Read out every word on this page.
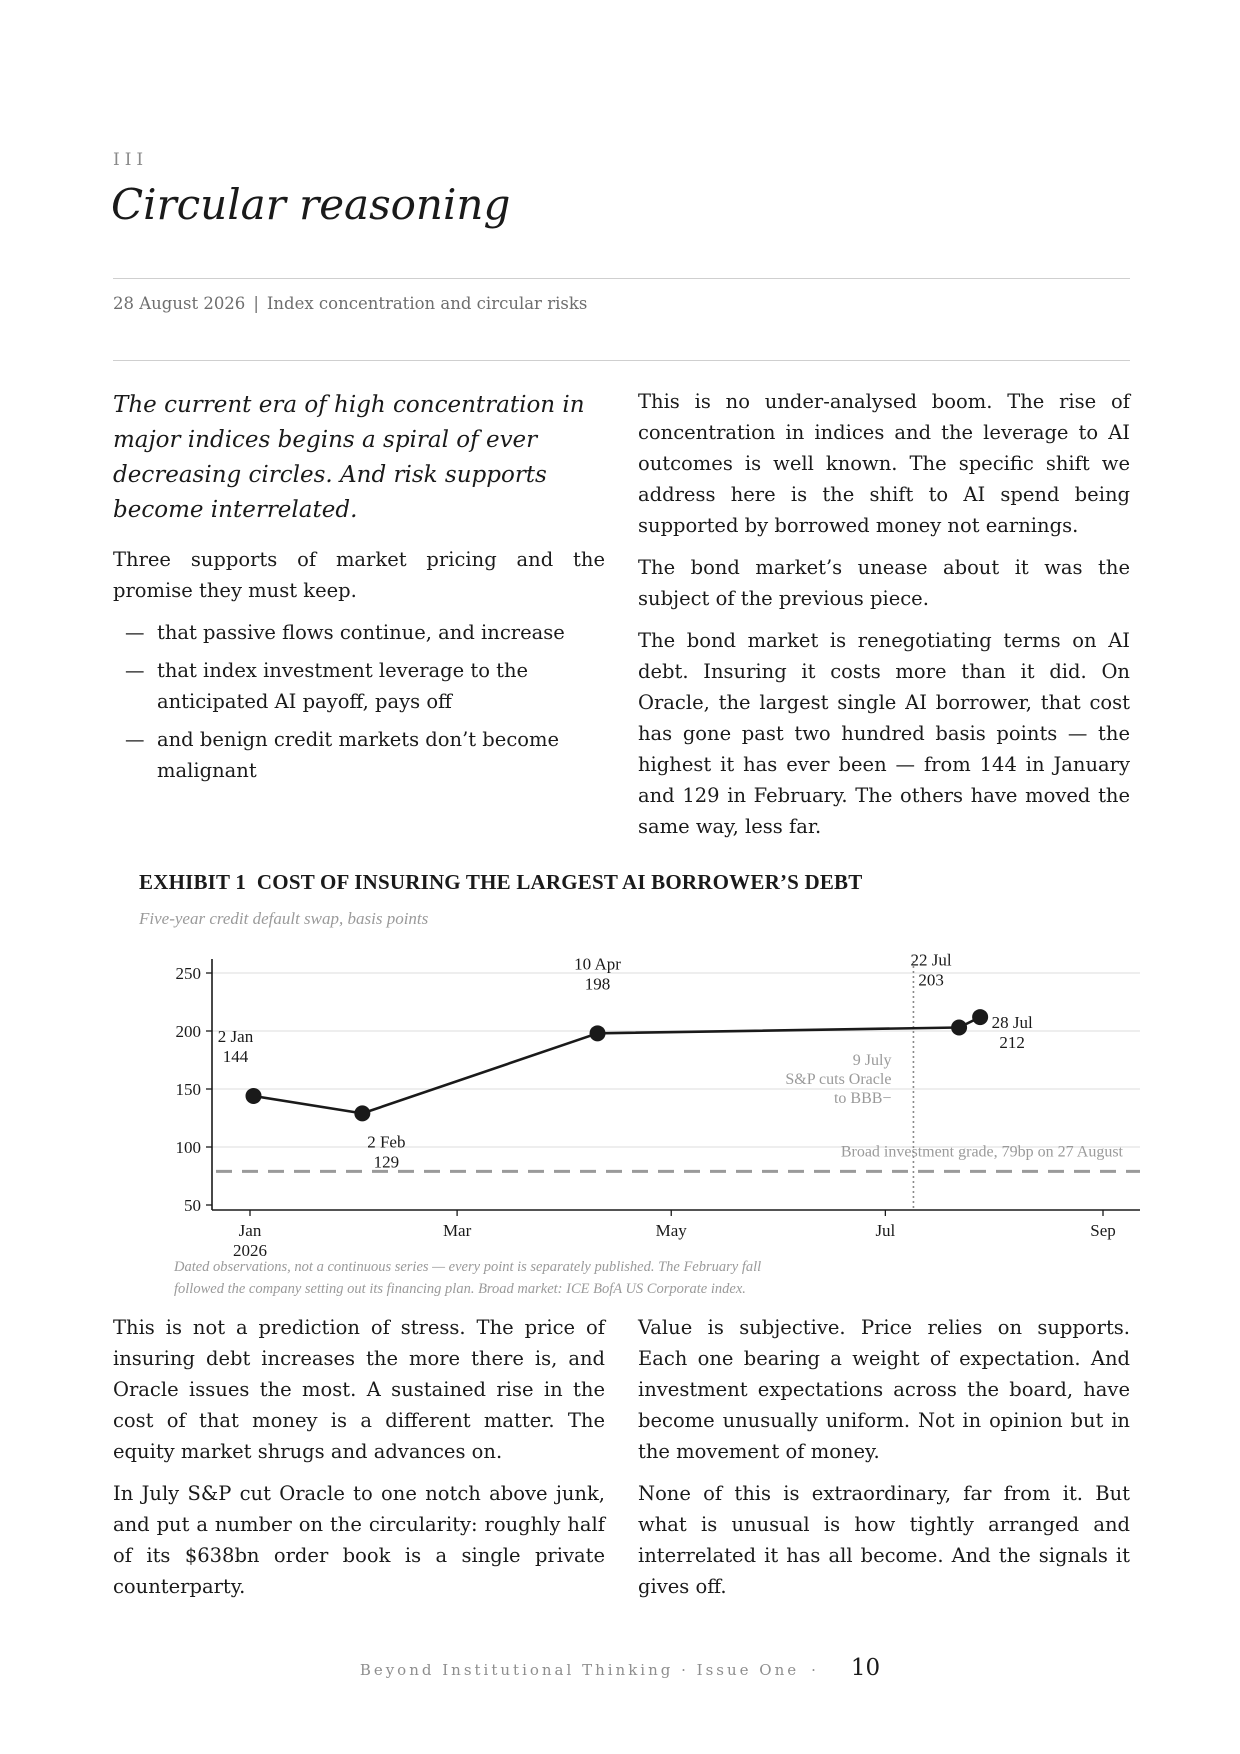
III
Circular reasoning
28 August 2026 | Index concentration and circular risks

The current era of high concentration in major indices begins a spiral of ever decreasing circles. And risk supports become interrelated.

Three supports of market pricing and the promise they must keep.

— that passive flows continue, and increase
— that index investment leverage to the anticipated AI payoff, pays off
— and benign credit markets don’t become malignant

This is no under-analysed boom. The rise of concentration in indices and the leverage to AI outcomes is well known. The specific shift we address here is the shift to AI spend being supported by borrowed money not earnings.

The bond market’s unease about it was the subject of the previous piece.

The bond market is renegotiating terms on AI debt. Insuring it costs more than it did. On Oracle, the largest single AI borrower, that cost has gone past two hundred basis points — the highest it has ever been — from 144 in January and 129 in February. The others have moved the same way, less far.

EXHIBIT 1  COST OF INSURING THE LARGEST AI BORROWER’S DEBT
Five-year credit default swap, basis points
50
100
150
200
250
Jan 2026
Mar	May	Jul	Sep
Broad investment grade, 79bp on 27 August
9 July S&P cuts Oracle to BBB−
2 Jan 144
2 Feb 129
10 Apr 198
22 Jul 203
28 Jul 212
Dated observations, not a continuous series — every point is separately published. The February fall
followed the company setting out its financing plan. Broad market: ICE BofA US Corporate index.

This is not a prediction of stress. The price of insuring debt increases the more there is, and Oracle issues the most. A sustained rise in the cost of that money is a different matter. The equity market shrugs and advances on.

In July S&P cut Oracle to one notch above junk, and put a number on the circularity: roughly half of its $638bn order book is a single private counterparty.

Value is subjective. Price relies on supports. Each one bearing a weight of expectation. And investment expectations across the board, have become unusually uniform. Not in opinion but in the movement of money.

None of this is extraordinary, far from it. But what is unusual is how tightly arranged and interrelated it has all become. And the signals it gives off.

Beyond Institutional Thinking · Issue One · 10
